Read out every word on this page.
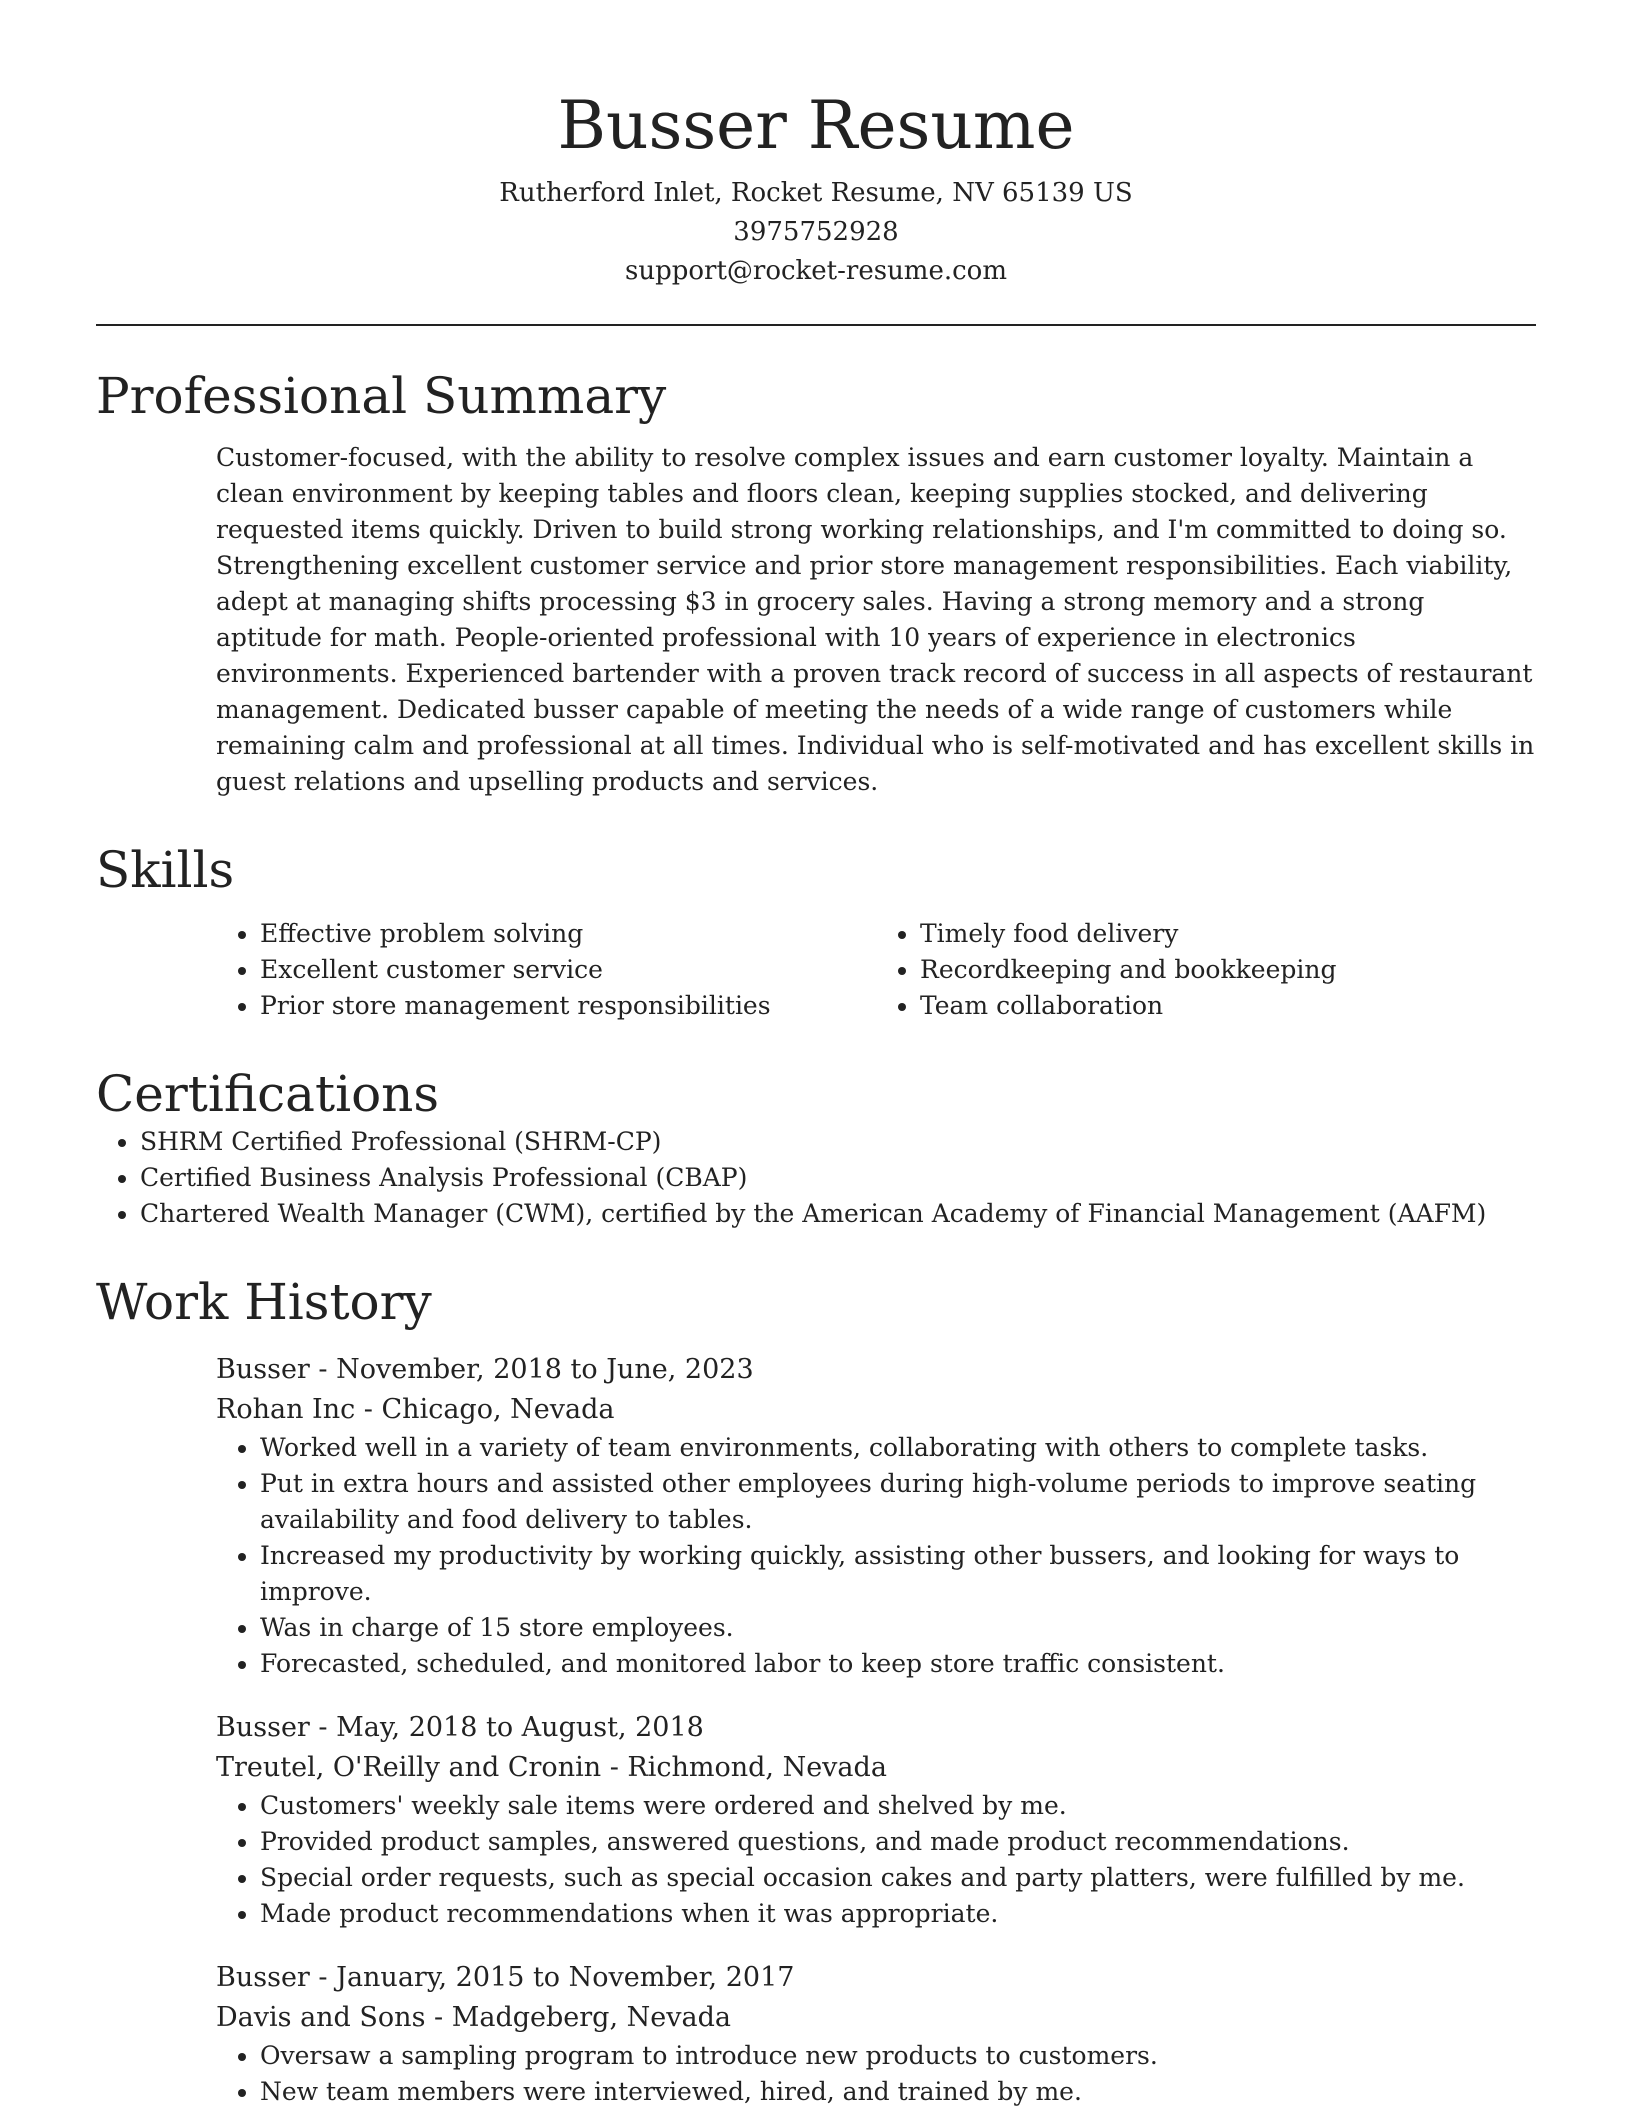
Busser Resume
Rutherford Inlet, Rocket Resume, NV 65139 US
3975752928
support@rocket-resume.com
Professional Summary
Customer-focused, with the ability to resolve complex issues and earn customer loyalty. Maintain a clean environment by keeping tables and floors clean, keeping supplies stocked, and delivering requested items quickly. Driven to build strong working relationships, and I'm committed to doing so. Strengthening excellent customer service and prior store management responsibilities. Each viability, adept at managing shifts processing $3 in grocery sales. Having a strong memory and a strong aptitude for math. People-oriented professional with 10 years of experience in electronics environments. Experienced bartender with a proven track record of success in all aspects of restaurant management. Dedicated busser capable of meeting the needs of a wide range of customers while remaining calm and professional at all times. Individual who is self-motivated and has excellent skills in guest relations and upselling products and services.
Skills
• Effective problem solving
• Excellent customer service
• Prior store management responsibilities
• Timely food delivery
• Recordkeeping and bookkeeping
• Team collaboration
Certifications
• SHRM Certified Professional (SHRM-CP)
• Certified Business Analysis Professional (CBAP)
• Chartered Wealth Manager (CWM), certified by the American Academy of Financial Management (AAFM)
Work History
Busser - November, 2018 to June, 2023
Rohan Inc - Chicago, Nevada
• Worked well in a variety of team environments, collaborating with others to complete tasks.
• Put in extra hours and assisted other employees during high-volume periods to improve seating availability and food delivery to tables.
• Increased my productivity by working quickly, assisting other bussers, and looking for ways to improve.
• Was in charge of 15 store employees.
• Forecasted, scheduled, and monitored labor to keep store traffic consistent.
Busser - May, 2018 to August, 2018
Treutel, O'Reilly and Cronin - Richmond, Nevada
• Customers' weekly sale items were ordered and shelved by me.
• Provided product samples, answered questions, and made product recommendations.
• Special order requests, such as special occasion cakes and party platters, were fulfilled by me.
• Made product recommendations when it was appropriate.
Busser - January, 2015 to November, 2017
Davis and Sons - Madgeberg, Nevada
• Oversaw a sampling program to introduce new products to customers.
• New team members were interviewed, hired, and trained by me.
